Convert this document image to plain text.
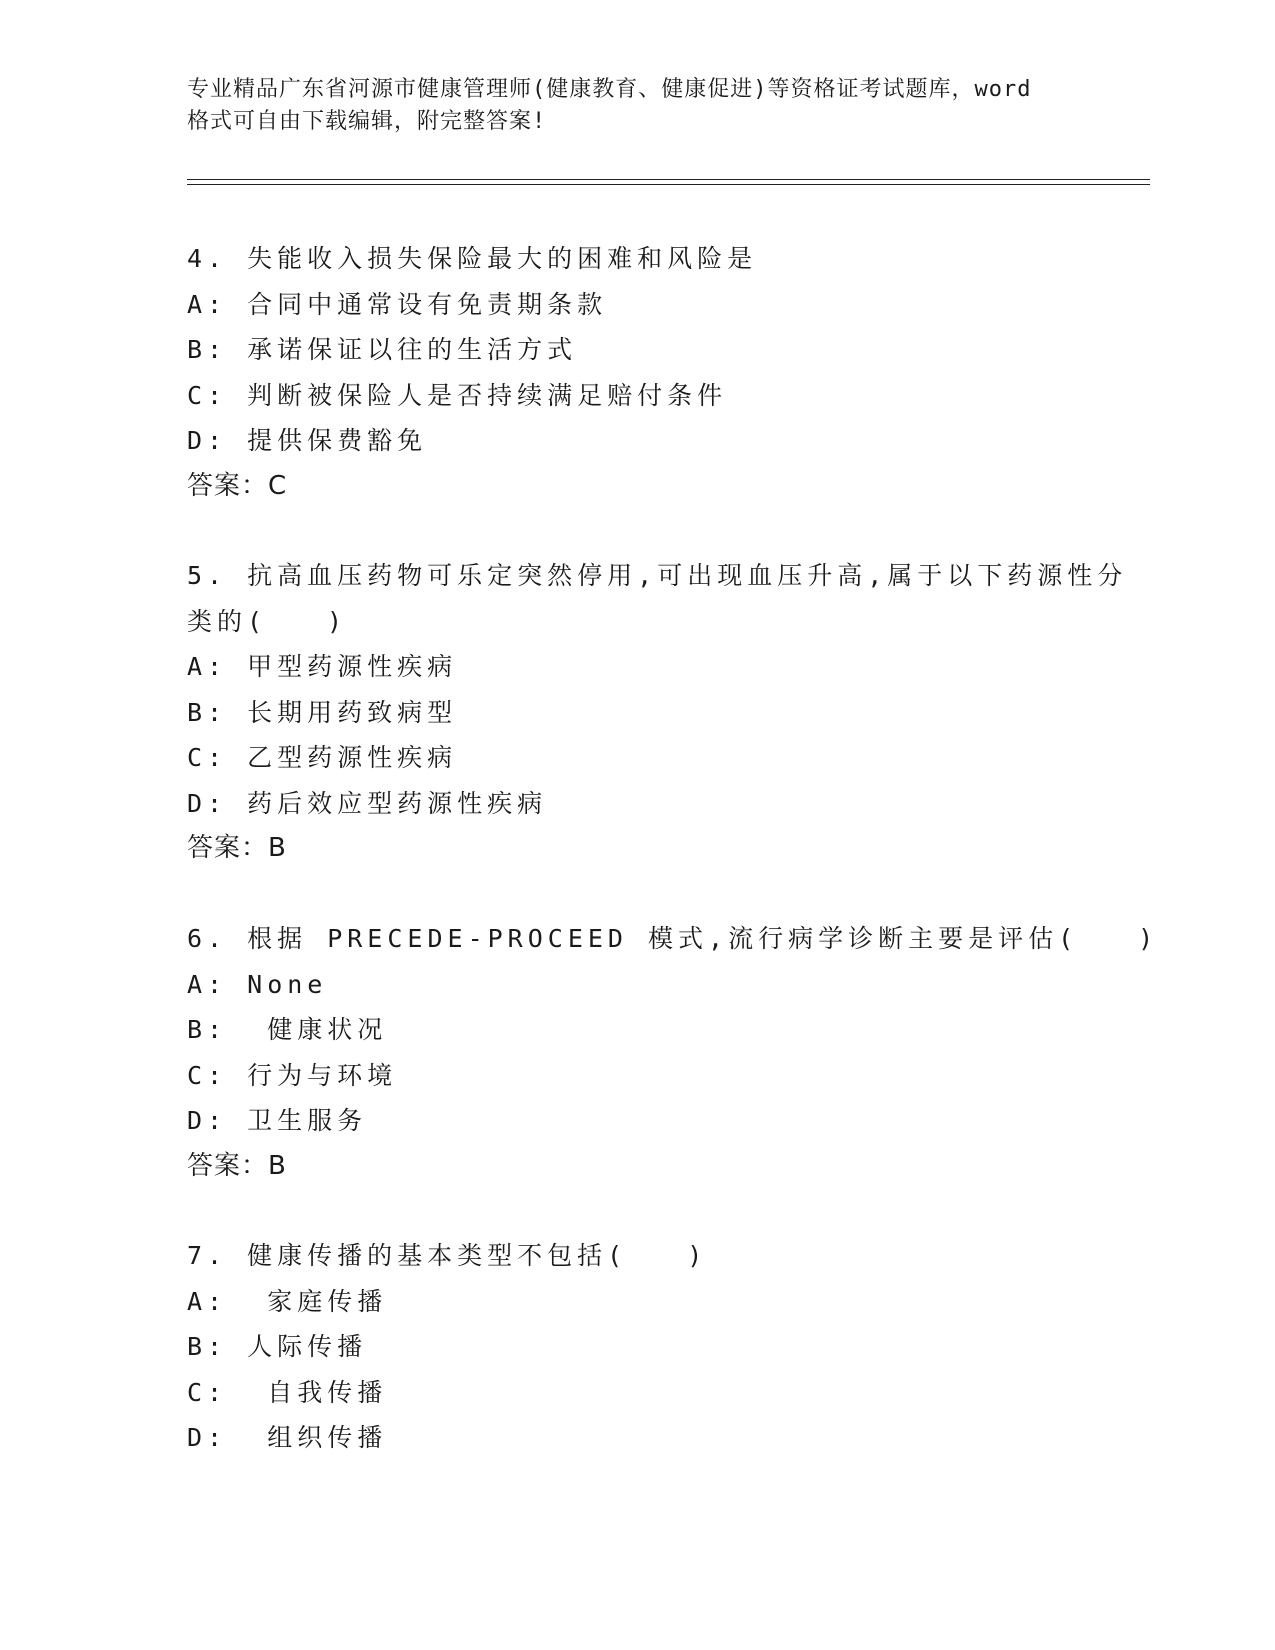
专业精品广东省河源市健康管理师(健康教育、健康促进)等资格证考试题库，word
格式可自由下载编辑，附完整答案!
4. 失能收入损失保险最大的困难和风险是
A: 合同中通常设有免责期条款
B: 承诺保证以往的生活方式
C: 判断被保险人是否持续满足赔付条件
D: 提供保费豁免
答案：C
5. 抗高血压药物可乐定突然停用,可出现血压升高,属于以下药源性分
类的(　　)
A: 甲型药源性疾病
B: 长期用药致病型
C: 乙型药源性疾病
D: 药后效应型药源性疾病
答案：B
6. 根据 PRECEDE-PROCEED 模式,流行病学诊断主要是评估(　　)
A: None
B:  健康状况
C: 行为与环境
D: 卫生服务
答案：B
7. 健康传播的基本类型不包括(　　)
A:  家庭传播
B: 人际传播
C:  自我传播
D:  组织传播
